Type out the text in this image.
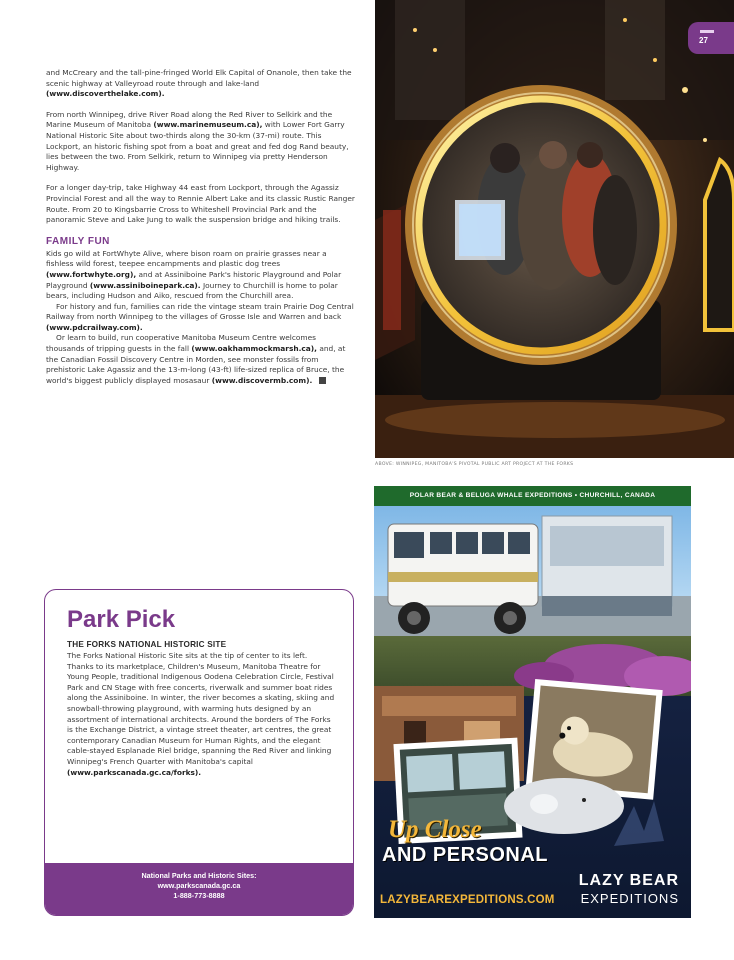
and McCreary and the tall-pine-fringed World Elk Capital of Onanole, then take the scenic highway at Valleyroad route through and lake-land (www.discoverthelake.com).

From north Winnipeg, drive River Road along the Red River to Selkirk and the Marine Museum of Manitoba (www.marinemuseum.ca), with Lower Fort Garry National Historic Site about two-thirds along the 30-km (37-mi) route. This Lockport, an historic fishing spot from a boat and great and fed dog Rand beauty, lies between the two. From Selkirk, return to Winnipeg via pretty Henderson Highway.

For a longer day-trip, take Highway 44 east from Lockport, through the Agassiz Provincial Forest and all the way to Rennie Albert Lake and its classic Rustic Ranger Route. From 20 to Kingsbarrie Cross to Whiteshell Provincial Park and the panoramic Steve and Lake Jung to walk the suspension bridge and hiking trails.

FAMILY FUN

Kids go wild at FortWhyte Alive, where bison roam on prairie grasses near a fishless wild forest, teepee encampments and plastic dog trees (www.fortwhyte.org), and at Assiniboine Park's historic Playground and Polar Playground (www.assiniboinepark.ca). Journey to Churchill is home to polar bears, including Hudson and Aiko, rescued from the Churchill area.

For history and fun, families can ride the vintage steam train Prairie Dog Central Railway from north Winnipeg to the villages of Grosse Isle and Warren and back (www.pdcrailway.com).

Or learn to build, run cooperative Manitoba Museum Centre welcomes thousands of tripping guests in the fall (www.oakhammockmarsh.ca), and, at the Canadian Fossil Discovery Centre in Morden, see monster fossils from prehistoric Lake Agassiz and the 13-m-long (43-ft) life-sized replica of Bruce, the world's biggest publicly displayed mosasaur (www.discovermb.com).

Park Pick
THE FORKS NATIONAL HISTORIC SITE

The Forks National Historic Site sits at the tip of center to its left. Thanks to its marketplace, Children's Museum, Manitoba Theatre for Young People, traditional Indigenous Oodena Celebration Circle, Festival Park and CN Stage with free concerts, riverwalk and summer boat rides along the Assiniboine. In winter, the river becomes a skating, skiing and snowball-throwing playground, with warming huts designed by an assortment of international architects. Around the borders of The Forks is the Exchange District, a vintage street theater, art centres, the great contemporary Canadian Museum for Human Rights, and the elegant cable-stayed Esplanade Riel bridge, spanning the Red River and linking Winnipeg's French Quarter with Manitoba's capital (www.parkscanada.gc.ca/forks).

National Parks and Historic Sites:
www.parkscanada.gc.ca
1-888-773-8888
ABOVE: WINNIPEG, MANITOBA'S PIVOTAL PUBLIC ART PROJECT AT THE FORKS
27
POLAR BEAR & BELUGA WHALE EXPEDITIONS • CHURCHILL, CANADA
Up Close
AND PERSONAL
LAZY BEAR
EXPEDITIONS
LAZYBEAREXPEDITIONS.COM
